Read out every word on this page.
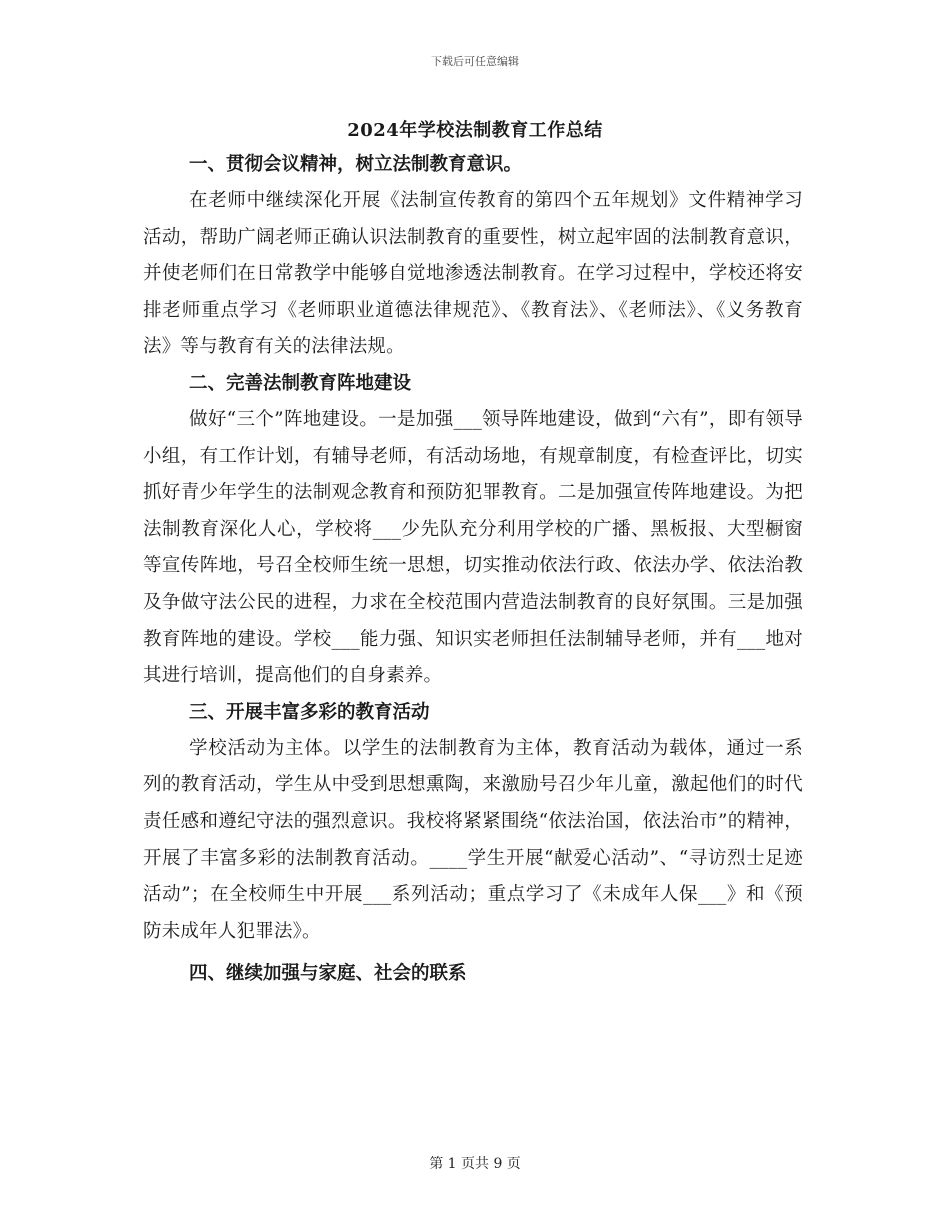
下载后可任意编辑
2024年学校法制教育工作总结

一、贯彻会议精神，树立法制教育意识。

在老师中继续深化开展《法制宣传教育的第四个五年规划》文件精神学习活动，帮助广阔老师正确认识法制教育的重要性，树立起牢固的法制教育意识，并使老师们在日常教学中能够自觉地渗透法制教育。在学习过程中，学校还将安排老师重点学习《老师职业道德法律规范》、《教育法》、《老师法》、《义务教育法》等与教育有关的法律法规。

二、完善法制教育阵地建设

做好“三个”阵地建设。一是加强___领导阵地建设，做到“六有”，即有领导小组，有工作计划，有辅导老师，有活动场地，有规章制度，有检查评比，切实抓好青少年学生的法制观念教育和预防犯罪教育。二是加强宣传阵地建设。为把法制教育深化人心，学校将___少先队充分利用学校的广播、黑板报、大型橱窗等宣传阵地，号召全校师生统一思想，切实推动依法行政、依法办学、依法治教及争做守法公民的进程，力求在全校范围内营造法制教育的良好氛围。三是加强教育阵地的建设。学校___能力强、知识实老师担任法制辅导老师，并有___地对其进行培训，提高他们的自身素养。

三、开展丰富多彩的教育活动

学校活动为主体。以学生的法制教育为主体，教育活动为载体，通过一系列的教育活动，学生从中受到思想熏陶，来激励号召少年儿童，激起他们的时代责任感和遵纪守法的强烈意识。我校将紧紧围绕“依法治国，依法治市”的精神，开展了丰富多彩的法制教育活动。____学生开展“献爱心活动”、“寻访烈士足迹活动”；在全校师生中开展___系列活动；重点学习了《未成年人保___》和《预防未成年人犯罪法》。

四、继续加强与家庭、社会的联系

第 1 页共 9 页
